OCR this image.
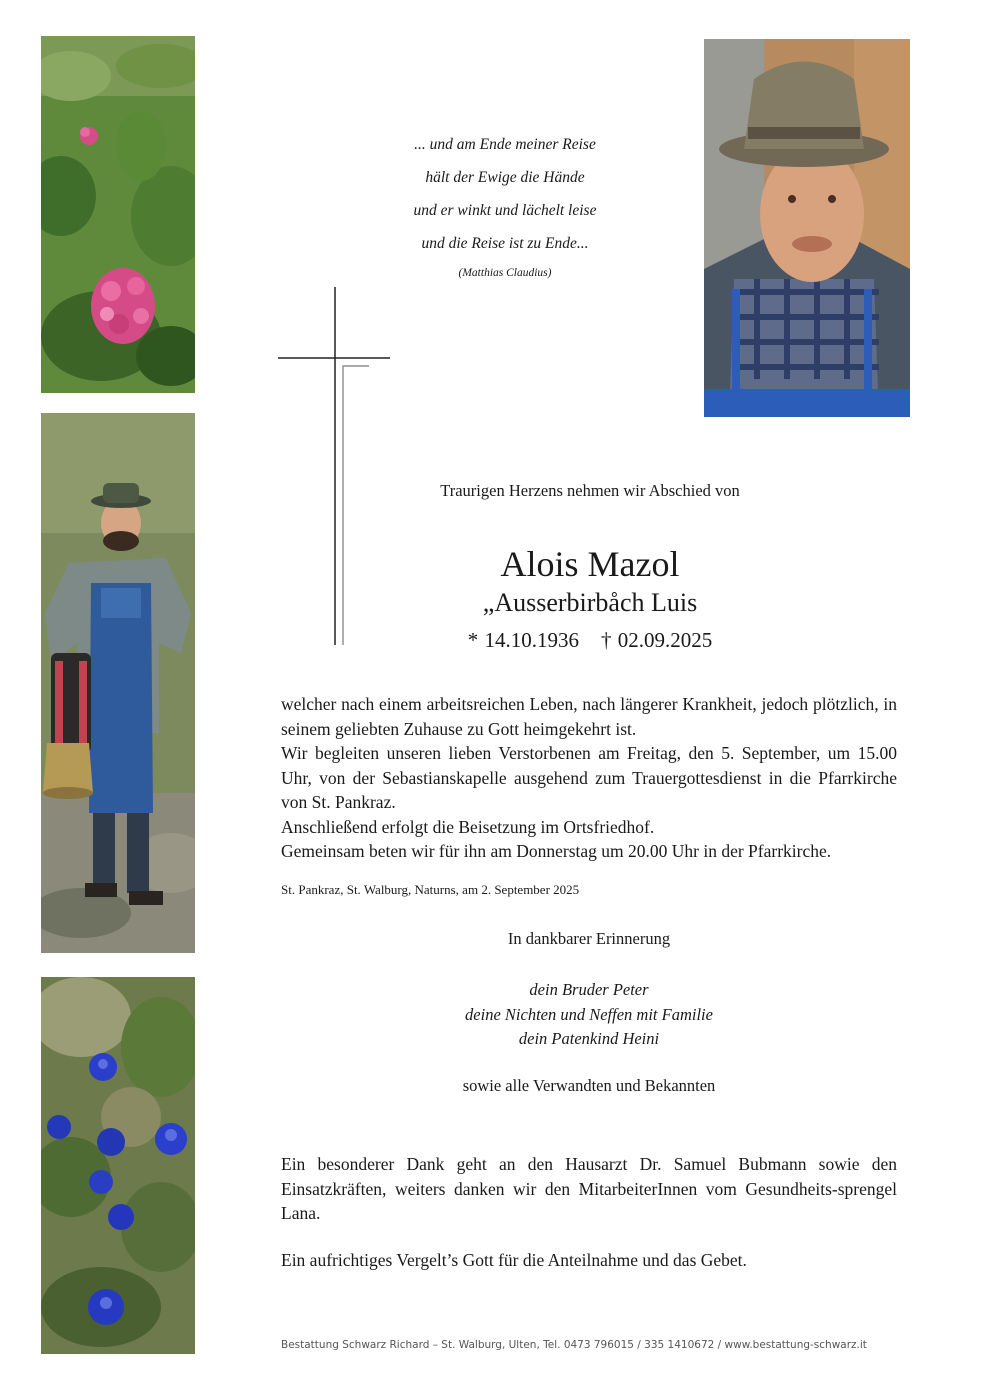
... und am Ende meiner Reise
hält der Ewige die Hände
und er winkt und lächelt leise
und die Reise ist zu Ende...
(Matthias Claudius)
Traurigen Herzens nehmen wir Abschied von
Alois Mazol
„Ausserbirbåch Luis
* 14.10.1936 † 02.09.2025

welcher nach einem arbeitsreichen Leben, nach längerer Krankheit, jedoch plötzlich, in seinem geliebten Zuhause zu Gott heimgekehrt ist.

Wir begleiten unseren lieben Verstorbenen am Freitag, den 5. September, um 15.00 Uhr, von der Sebastianskapelle ausgehend zum Trauergottesdienst in die Pfarrkirche von St. Pankraz.

Anschließend erfolgt die Beisetzung im Ortsfriedhof.

Gemeinsam beten wir für ihn am Donnerstag um 20.00 Uhr in der Pfarrkirche.

St. Pankraz, St. Walburg, Naturns, am 2. September 2025
In dankbarer Erinnerung
dein Bruder Peter
deine Nichten und Neffen mit Familie
dein Patenkind Heini
sowie alle Verwandten und Bekannten

Ein besonderer Dank geht an den Hausarzt Dr. Samuel Bubmann sowie den Einsatzkräften, weiters danken wir den MitarbeiterInnen vom Gesundheits-sprengel Lana.

Ein aufrichtiges Vergelt’s Gott für die Anteilnahme und das Gebet.
Bestattung Schwarz Richard – St. Walburg, Ulten, Tel. 0473 796015 / 335 1410672 / www.bestattung-schwarz.it
